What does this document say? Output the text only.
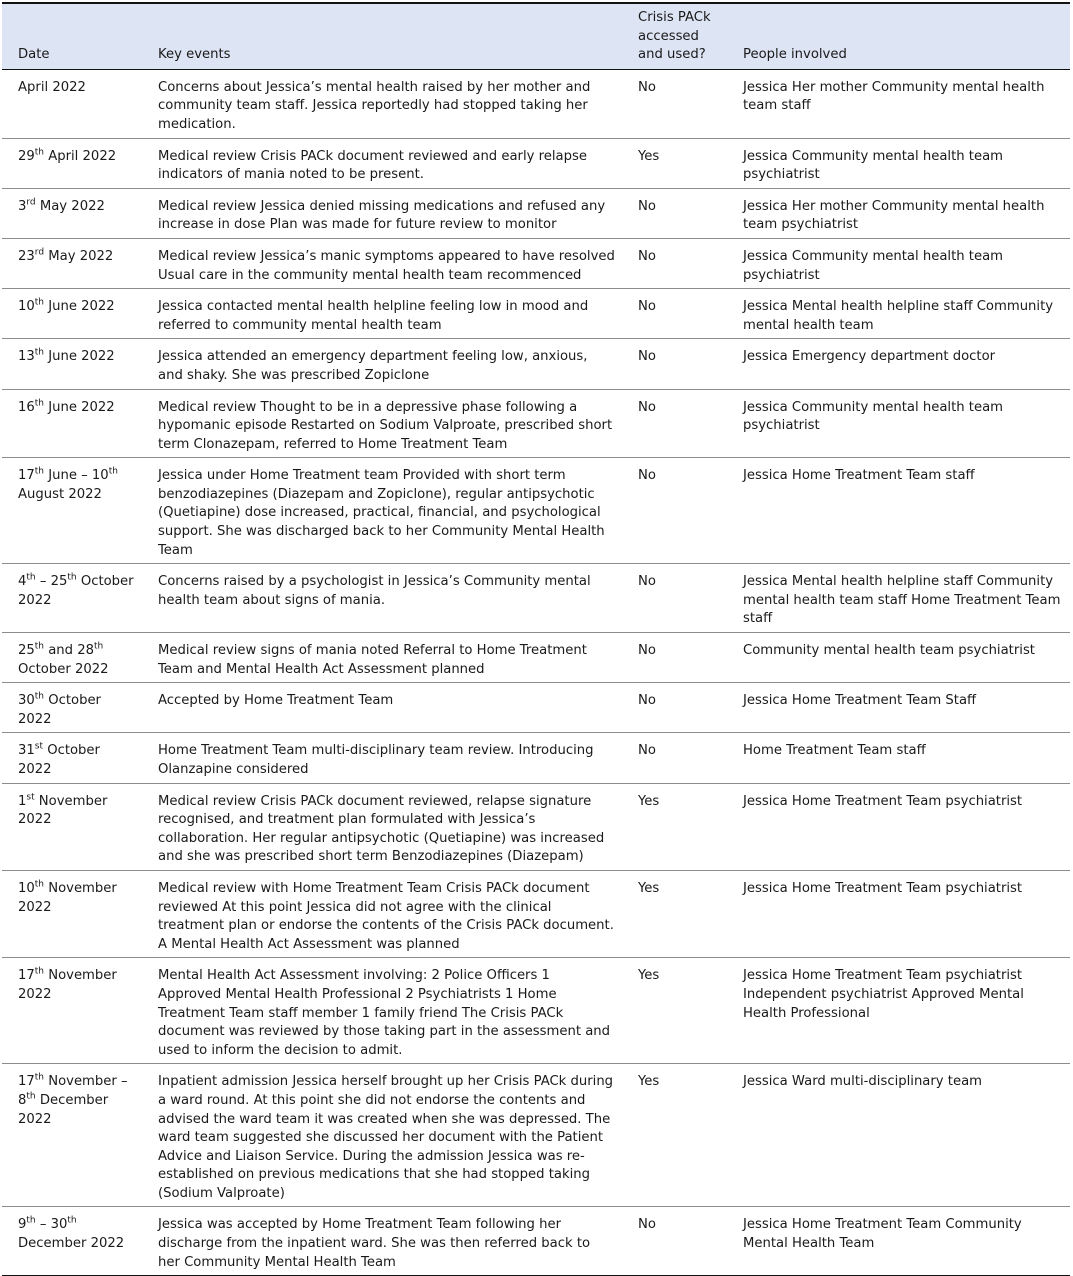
Date	Key events	Crisis PACk accessed and used?	People involved
April 2022	Concerns about Jessica’s mental health raised by her mother and community team staff. Jessica reportedly had stopped taking her medication.	No	Jessica Her mother Community mental health team staff
29th April 2022	Medical review Crisis PACk document reviewed and early relapse indicators of mania noted to be present.	Yes	Jessica Community mental health team psychiatrist
3rd May 2022	Medical review Jessica denied missing medications and refused any increase in dose Plan was made for future review to monitor	No	Jessica Her mother Community mental health team psychiatrist
23rd May 2022	Medical review Jessica’s manic symptoms appeared to have resolved Usual care in the community mental health team recommenced	No	Jessica Community mental health team psychiatrist
10th June 2022	Jessica contacted mental health helpline feeling low in mood and referred to community mental health team	No	Jessica Mental health helpline staff Community mental health team
13th June 2022	Jessica attended an emergency department feeling low, anxious, and shaky. She was prescribed Zopiclone	No	Jessica Emergency department doctor
16th June 2022	Medical review Thought to be in a depressive phase following a hypomanic episode Restarted on Sodium Valproate, prescribed short term Clonazepam, referred to Home Treatment Team	No	Jessica Community mental health team psychiatrist
17th June – 10th August 2022	Jessica under Home Treatment team Provided with short term benzodiazepines (Diazepam and Zopiclone), regular antipsychotic (Quetiapine) dose increased, practical, financial, and psychological support. She was discharged back to her Community Mental Health Team	No	Jessica Home Treatment Team staff
4th – 25th October 2022	Concerns raised by a psychologist in Jessica’s Community mental health team about signs of mania.	No	Jessica Mental health helpline staff Community mental health team staff Home Treatment Team staff
25th and 28th October 2022	Medical review signs of mania noted Referral to Home Treatment Team and Mental Health Act Assessment planned	No	Community mental health team psychiatrist
30th October 2022	Accepted by Home Treatment Team	No	Jessica Home Treatment Team Staff
31st October 2022	Home Treatment Team multi-disciplinary team review. Introducing Olanzapine considered	No	Home Treatment Team staff
1st November 2022	Medical review Crisis PACk document reviewed, relapse signature recognised, and treatment plan formulated with Jessica’s collaboration. Her regular antipsychotic (Quetiapine) was increased and she was prescribed short term Benzodiazepines (Diazepam)	Yes	Jessica Home Treatment Team psychiatrist
10th November 2022	Medical review with Home Treatment Team Crisis PACk document reviewed At this point Jessica did not agree with the clinical treatment plan or endorse the contents of the Crisis PACk document. A Mental Health Act Assessment was planned	Yes	Jessica Home Treatment Team psychiatrist
17th November 2022	Mental Health Act Assessment involving: 2 Police Officers 1 Approved Mental Health Professional 2 Psychiatrists 1 Home Treatment Team staff member 1 family friend The Crisis PACk document was reviewed by those taking part in the assessment and used to inform the decision to admit.	Yes	Jessica Home Treatment Team psychiatrist Independent psychiatrist Approved Mental Health Professional
17th November – 8th December 2022	Inpatient admission Jessica herself brought up her Crisis PACk during a ward round. At this point she did not endorse the contents and advised the ward team it was created when she was depressed. The ward team suggested she discussed her document with the Patient Advice and Liaison Service. During the admission Jessica was re-established on previous medications that she had stopped taking (Sodium Valproate)	Yes	Jessica Ward multi-disciplinary team
9th – 30th December 2022	Jessica was accepted by Home Treatment Team following her discharge from the inpatient ward. She was then referred back to her Community Mental Health Team	No	Jessica Home Treatment Team Community Mental Health Team
